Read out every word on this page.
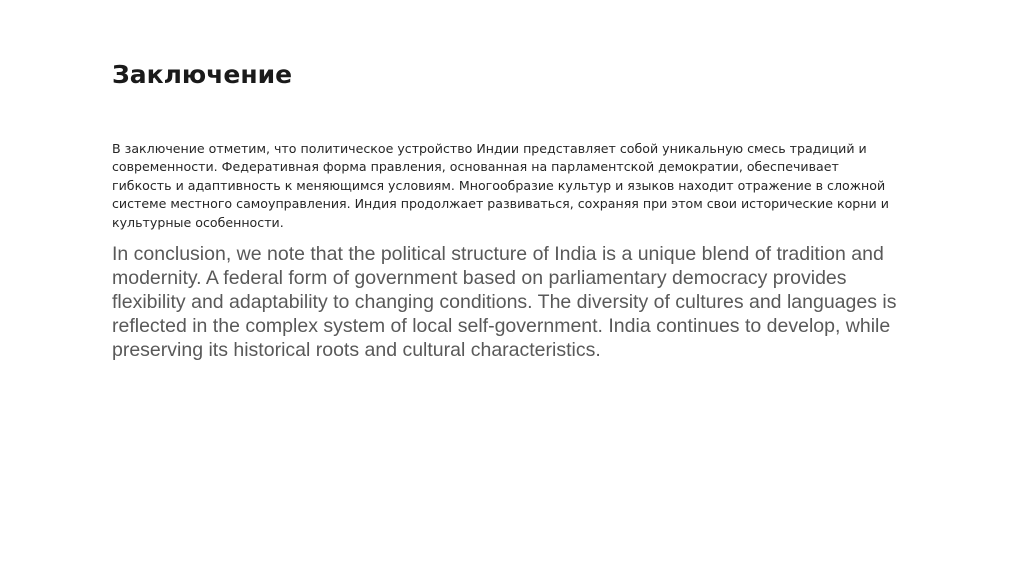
Заключение

В заключение отметим, что политическое устройство Индии представляет собой уникальную смесь традиций и современности. Федеративная форма правления, основанная на парламентской демократии, обеспечивает гибкость и адаптивность к меняющимся условиям. Многообразие культур и языков находит отражение в сложной системе местного самоуправления. Индия продолжает развиваться, сохраняя при этом свои исторические корни и культурные особенности.

In conclusion, we note that the political structure of India is a unique blend of tradition and modernity. A federal form of government based on parliamentary democracy provides flexibility and adaptability to changing conditions. The diversity of cultures and languages is reflected in the complex system of local self-government. India continues to develop, while preserving its historical roots and cultural characteristics.
